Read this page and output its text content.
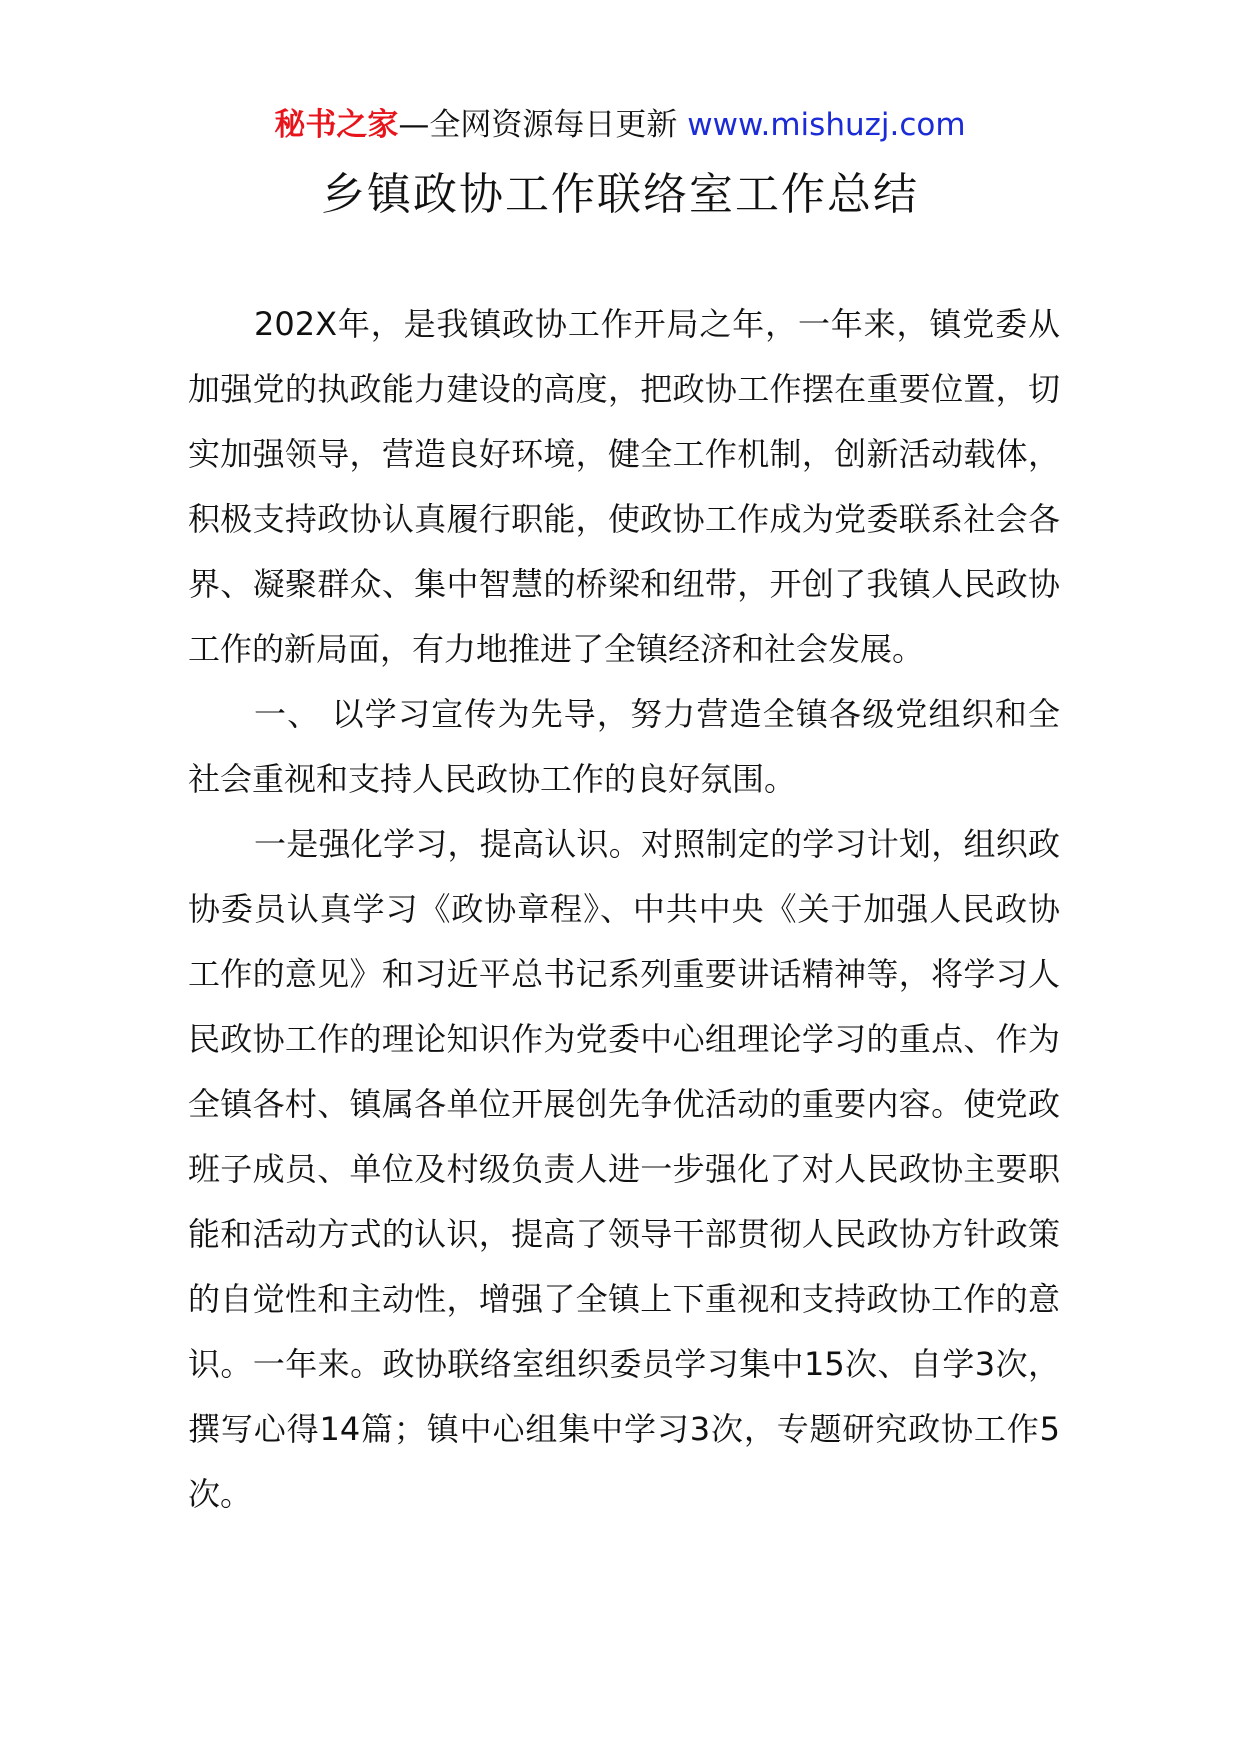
秘书之家—全网资源每日更新 www.mishuzj.com
乡镇政协工作联络室工作总结

202X年，是我镇政协工作开局之年，一年来，镇党委从加强党的执政能力建设的高度，把政协工作摆在重要位置，切实加强领导，营造良好环境，健全工作机制，创新活动载体，积极支持政协认真履行职能，使政协工作成为党委联系社会各界、凝聚群众、集中智慧的桥梁和纽带，开创了我镇人民政协工作的新局面，有力地推进了全镇经济和社会发展。

一、 以学习宣传为先导，努力营造全镇各级党组织和全社会重视和支持人民政协工作的良好氛围。

一是强化学习，提高认识。对照制定的学习计划，组织政协委员认真学习《政协章程》、中共中央《关于加强人民政协工作的意见》和习近平总书记系列重要讲话精神等，将学习人民政协工作的理论知识作为党委中心组理论学习的重点、作为全镇各村、镇属各单位开展创先争优活动的重要内容。使党政班子成员、单位及村级负责人进一步强化了对人民政协主要职能和活动方式的认识，提高了领导干部贯彻人民政协方针政策的自觉性和主动性，增强了全镇上下重视和支持政协工作的意识。一年来。政协联络室组织委员学习集中15次、自学3次，撰写心得14篇；镇中心组集中学习3次，专题研究政协工作5次。
